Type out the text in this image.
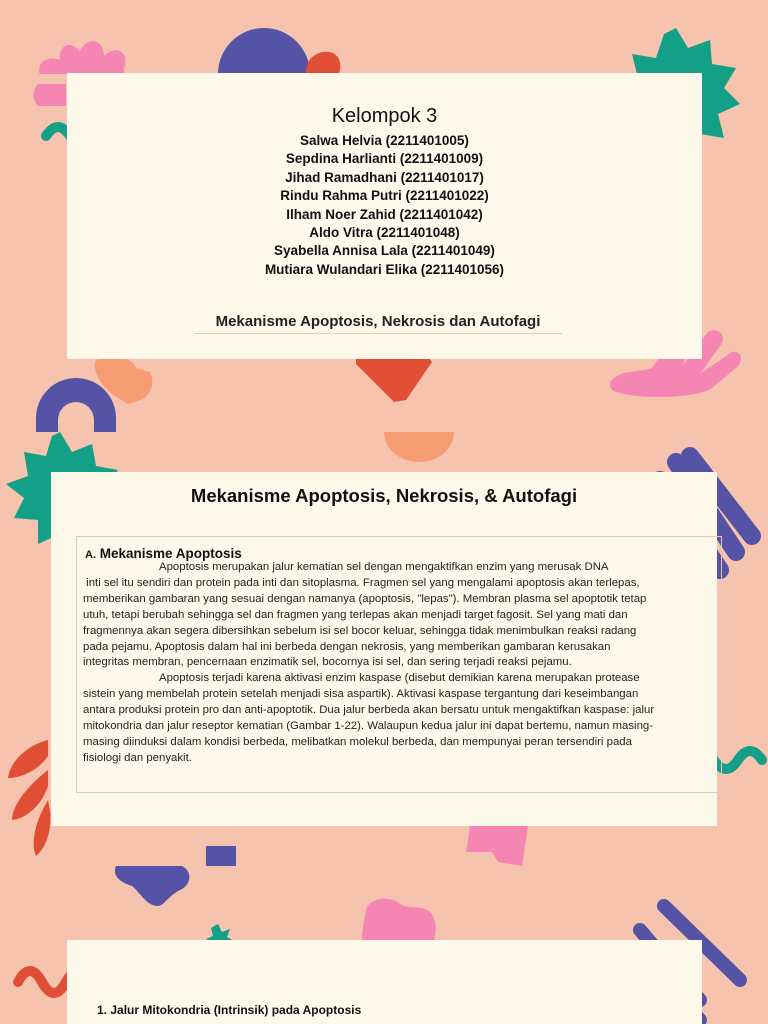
Kelompok 3
Salwa Helvia (2211401005)
Sepdina Harlianti (2211401009)
Jihad Ramadhani (2211401017)
Rindu Rahma Putri (2211401022)
Ilham Noer Zahid (2211401042)
Aldo Vitra (2211401048)
Syabella Annisa Lala (2211401049)
Mutiara Wulandari Elika (2211401056)
Mekanisme Apoptosis, Nekrosis dan Autofagi
Mekanisme Apoptosis, Nekrosis, & Autofagi
A. Mekanisme Apoptosis

Apoptosis merupakan jalur kematian sel dengan mengaktifkan enzim yang merusak DNA
inti sel itu sendiri dan protein pada inti dan sitoplasma. Fragmen sel yang mengalami apoptosis akan terlepas,
memberikan gambaran yang sesuai dengan namanya (apoptosis, "lepas"). Membran plasma sel apoptotik tetap
utuh, tetapi berubah sehingga sel dan fragmen yang terlepas akan menjadi target fagosit. Sel yang mati dan
fragmennya akan segera dibersihkan sebelum isi sel bocor keluar, sehingga tidak menimbulkan reaksi radang
pada pejamu. Apoptosis dalam hal ini berbeda dengan nekrosis, yang memberikan gambaran kerusakan
integritas membran, pencernaan enzimatik sel, bocornya isi sel, dan sering terjadi reaksi pejamu.

Apoptosis terjadi karena aktivasi enzim kaspase (disebut demikian karena merupakan protease
sistein yang membelah protein setelah menjadi sisa aspartik). Aktivasi kaspase tergantung dari keseimbangan
antara produksi protein pro dan anti-apoptotik. Dua jalur berbeda akan bersatu untuk mengaktifkan kaspase: jalur
mitokondria dan jalur reseptor kematian (Gambar 1-22). Walaupun kedua jalur ini dapat bertemu, namun masing-
masing diinduksi dalam kondisi berbeda, melibatkan molekul berbeda, dan mempunyai peran tersendiri pada
fisiologi dan penyakit.

1. Jalur Mitokondria (Intrinsik) pada Apoptosis
